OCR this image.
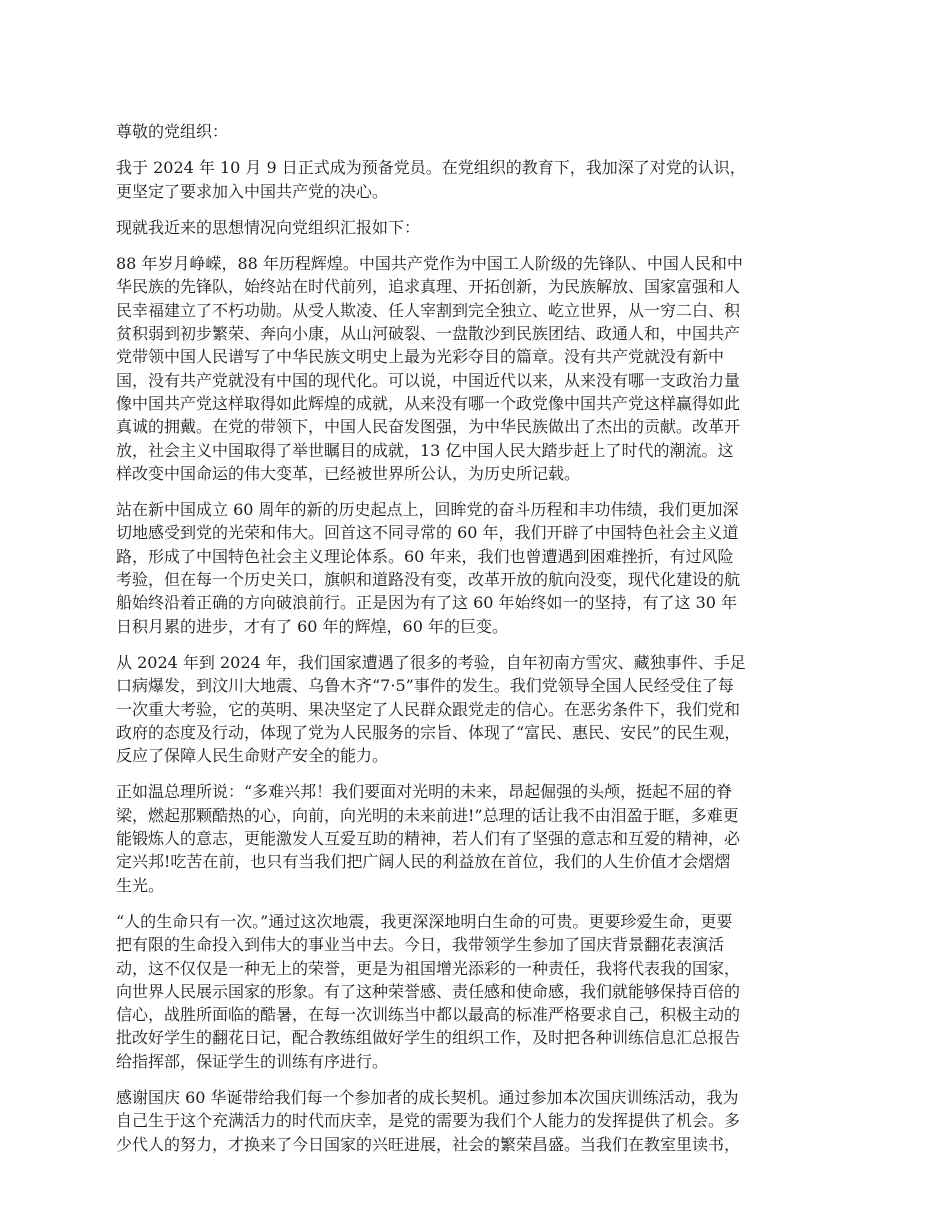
尊敬的党组织：

我于 2024 年 10 月 9 日正式成为预备党员。在党组织的教育下，我加深了对党的认识，
更坚定了要求加入中国共产党的决心。

现就我近来的思想情况向党组织汇报如下：

88 年岁月峥嵘，88 年历程辉煌。中国共产党作为中国工人阶级的先锋队、中国人民和中
华民族的先锋队，始终站在时代前列，追求真理、开拓创新，为民族解放、国家富强和人
民幸福建立了不朽功勋。从受人欺凌、任人宰割到完全独立、屹立世界，从一穷二白、积
贫积弱到初步繁荣、奔向小康，从山河破裂、一盘散沙到民族团结、政通人和，中国共产
党带领中国人民谱写了中华民族文明史上最为光彩夺目的篇章。没有共产党就没有新中
国，没有共产党就没有中国的现代化。可以说，中国近代以来，从来没有哪一支政治力量
像中国共产党这样取得如此辉煌的成就，从来没有哪一个政党像中国共产党这样赢得如此
真诚的拥戴。在党的带领下，中国人民奋发图强，为中华民族做出了杰出的贡献。改革开
放，社会主义中国取得了举世瞩目的成就，13 亿中国人民大踏步赶上了时代的潮流。这
样改变中国命运的伟大变革，已经被世界所公认，为历史所记载。

站在新中国成立 60 周年的新的历史起点上，回眸党的奋斗历程和丰功伟绩，我们更加深
切地感受到党的光荣和伟大。回首这不同寻常的 60 年，我们开辟了中国特色社会主义道
路，形成了中国特色社会主义理论体系。60 年来，我们也曾遭遇到困难挫折，有过风险
考验，但在每一个历史关口，旗帜和道路没有变，改革开放的航向没变，现代化建设的航
船始终沿着正确的方向破浪前行。正是因为有了这 60 年始终如一的坚持，有了这 30 年
日积月累的进步，才有了 60 年的辉煌，60 年的巨变。

从 2024 年到 2024 年，我们国家遭遇了很多的考验，自年初南方雪灾、藏独事件、手足
口病爆发，到汶川大地震、乌鲁木齐“7·5”事件的发生。我们党领导全国人民经受住了每
一次重大考验，它的英明、果决坚定了人民群众跟党走的信心。在恶劣条件下，我们党和
政府的态度及行动，体现了党为人民服务的宗旨、体现了“富民、惠民、安民”的民生观，
反应了保障人民生命财产安全的能力。

正如温总理所说：“多难兴邦！我们要面对光明的未来，昂起倔强的头颅，挺起不屈的脊
梁，燃起那颗酷热的心，向前，向光明的未来前进!”总理的话让我不由泪盈于眶，多难更
能锻炼人的意志，更能激发人互爱互助的精神，若人们有了坚强的意志和互爱的精神，必
定兴邦!吃苦在前，也只有当我们把广阔人民的利益放在首位，我们的人生价值才会熠熠
生光。

“人的生命只有一次。”通过这次地震，我更深深地明白生命的可贵。更要珍爱生命，更要
把有限的生命投入到伟大的事业当中去。今日，我带领学生参加了国庆背景翻花表演活
动，这不仅仅是一种无上的荣誉，更是为祖国增光添彩的一种责任，我将代表我的国家，
向世界人民展示国家的形象。有了这种荣誉感、责任感和使命感，我们就能够保持百倍的
信心，战胜所面临的酷暑，在每一次训练当中都以最高的标准严格要求自己，积极主动的
批改好学生的翻花日记，配合教练组做好学生的组织工作，及时把各种训练信息汇总报告
给指挥部，保证学生的训练有序进行。

感谢国庆 60 华诞带给我们每一个参加者的成长契机。通过参加本次国庆训练活动，我为
自己生于这个充满活力的时代而庆幸，是党的需要为我们个人能力的发挥提供了机会。多
少代人的努力，才换来了今日国家的兴旺进展，社会的繁荣昌盛。当我们在教室里读书，
